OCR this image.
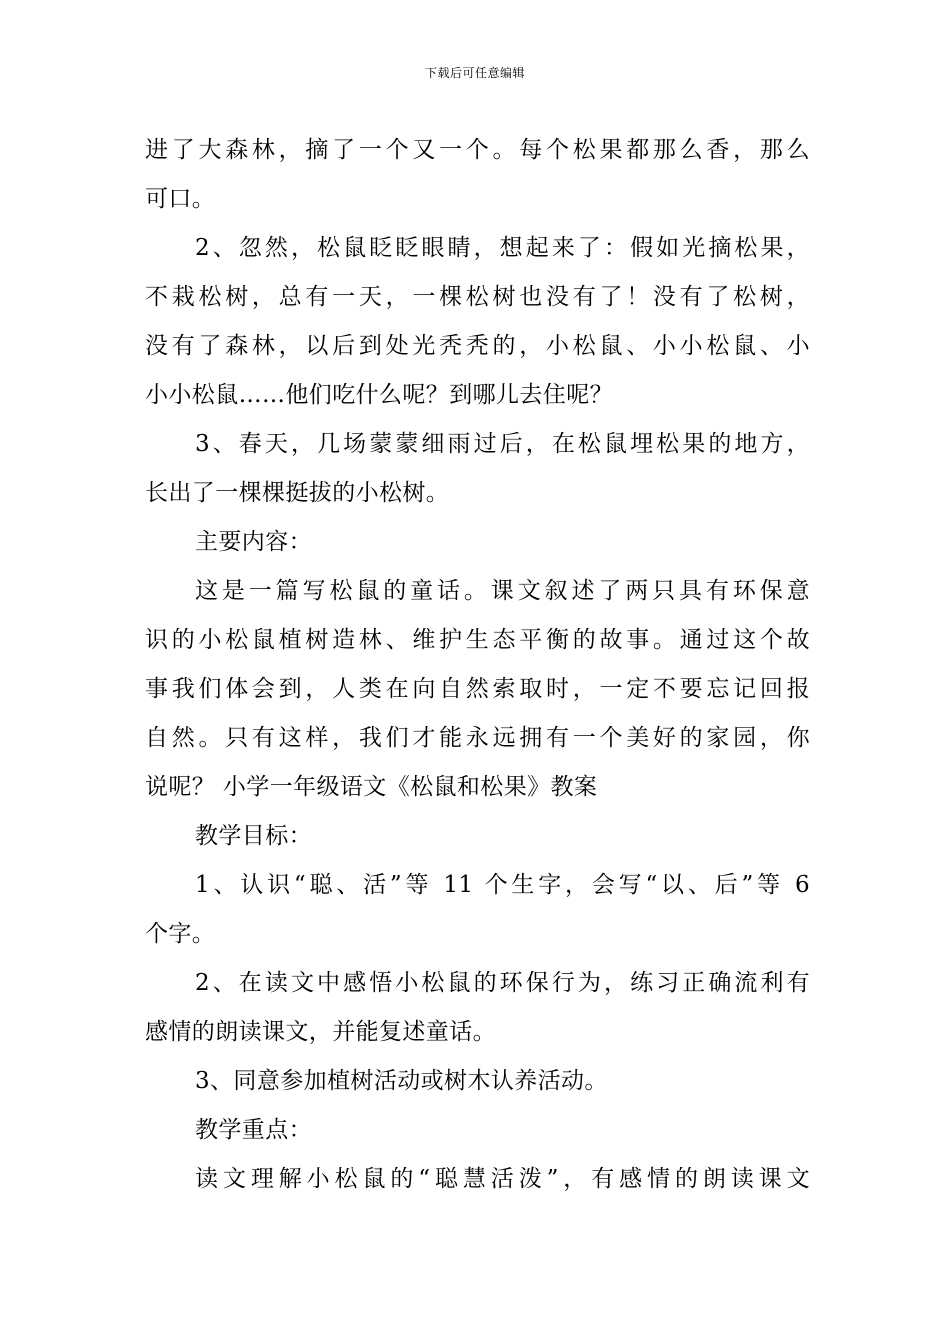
下载后可任意编辑
进了大森林，摘了一个又一个。每个松果都那么香，那么
可口。
2、忽然，松鼠眨眨眼睛，想起来了：假如光摘松果，
不栽松树，总有一天，一棵松树也没有了！没有了松树，
没有了森林，以后到处光秃秃的，小松鼠、小小松鼠、小
小小松鼠……他们吃什么呢？到哪儿去住呢？
3、春天，几场蒙蒙细雨过后，在松鼠埋松果的地方，
长出了一棵棵挺拔的小松树。
主要内容：
这是一篇写松鼠的童话。课文叙述了两只具有环保意
识的小松鼠植树造林、维护生态平衡的故事。通过这个故
事我们体会到，人类在向自然索取时，一定不要忘记回报
自然。只有这样，我们才能永远拥有一个美好的家园，你
说呢？ 小学一年级语文《松鼠和松果》教案
教学目标：
1、认识“聪、活”等 11 个生字，会写“以、后”等 6
个字。
2、在读文中感悟小松鼠的环保行为，练习正确流利有
感情的朗读课文，并能复述童话。
3、同意参加植树活动或树木认养活动。
教学重点：
读文理解小松鼠的“聪慧活泼”，有感情的朗读课文
